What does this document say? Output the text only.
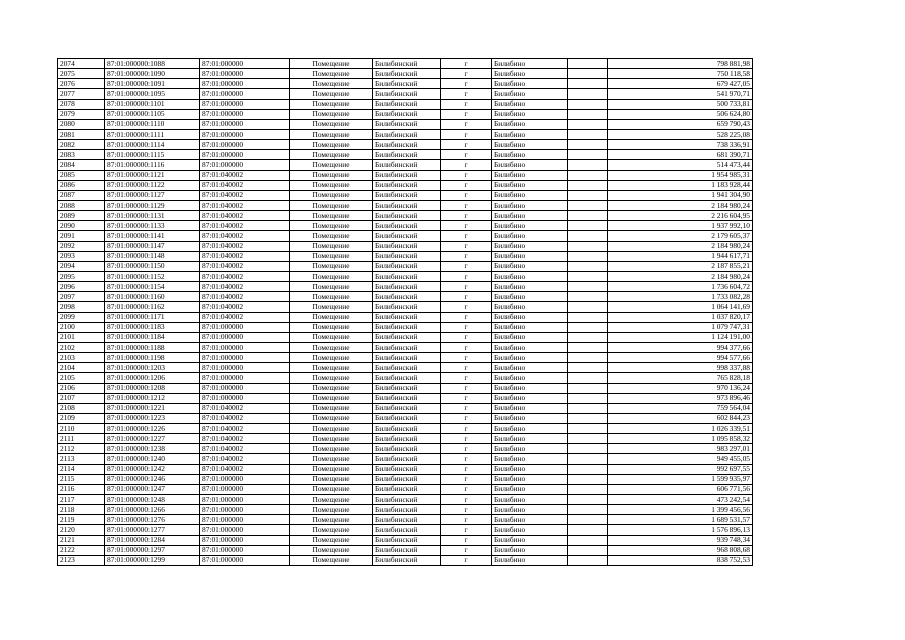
2074	87:01:000000:1088	87:01:000000	Помещение	Билибинский	г	Билибино		798 881,98
2075	87:01:000000:1090	87:01:000000	Помещение	Билибинский	г	Билибино		750 118,58
2076	87:01:000000:1091	87:01:000000	Помещение	Билибинский	г	Билибино		679 427,05
2077	87:01:000000:1095	87:01:000000	Помещение	Билибинский	г	Билибино		541 970,71
2078	87:01:000000:1101	87:01:000000	Помещение	Билибинский	г	Билибино		500 733,81
2079	87:01:000000:1105	87:01:000000	Помещение	Билибинский	г	Билибино		506 624,80
2080	87:01:000000:1110	87:01:000000	Помещение	Билибинский	г	Билибино		659 790,43
2081	87:01:000000:1111	87:01:000000	Помещение	Билибинский	г	Билибино		528 225,08
2082	87:01:000000:1114	87:01:000000	Помещение	Билибинский	г	Билибино		738 336,91
2083	87:01:000000:1115	87:01:000000	Помещение	Билибинский	г	Билибино		681 390,71
2084	87:01:000000:1116	87:01:000000	Помещение	Билибинский	г	Билибино		514 473,44
2085	87:01:000000:1121	87:01:040002	Помещение	Билибинский	г	Билибино		1 954 985,31
2086	87:01:000000:1122	87:01:040002	Помещение	Билибинский	г	Билибино		1 183 928,44
2087	87:01:000000:1127	87:01:040002	Помещение	Билибинский	г	Билибино		1 941 304,90
2088	87:01:000000:1129	87:01:040002	Помещение	Билибинский	г	Билибино		2 184 980,24
2089	87:01:000000:1131	87:01:040002	Помещение	Билибинский	г	Билибино		2 216 604,95
2090	87:01:000000:1133	87:01:040002	Помещение	Билибинский	г	Билибино		1 937 992,10
2091	87:01:000000:1141	87:01:040002	Помещение	Билибинский	г	Билибино		2 179 605,37
2092	87:01:000000:1147	87:01:040002	Помещение	Билибинский	г	Билибино		2 184 980,24
2093	87:01:000000:1148	87:01:040002	Помещение	Билибинский	г	Билибино		1 944 617,71
2094	87:01:000000:1150	87:01:040002	Помещение	Билибинский	г	Билибино		2 187 855,21
2095	87:01:000000:1152	87:01:040002	Помещение	Билибинский	г	Билибино		2 184 980,24
2096	87:01:000000:1154	87:01:040002	Помещение	Билибинский	г	Билибино		1 736 604,72
2097	87:01:000000:1160	87:01:040002	Помещение	Билибинский	г	Билибино		1 733 082,28
2098	87:01:000000:1162	87:01:040002	Помещение	Билибинский	г	Билибино		1 064 141,69
2099	87:01:000000:1171	87:01:040002	Помещение	Билибинский	г	Билибино		1 037 820,17
2100	87:01:000000:1183	87:01:000000	Помещение	Билибинский	г	Билибино		1 079 747,31
2101	87:01:000000:1184	87:01:000000	Помещение	Билибинский	г	Билибино		1 124 191,00
2102	87:01:000000:1188	87:01:000000	Помещение	Билибинский	г	Билибино		994 377,66
2103	87:01:000000:1198	87:01:000000	Помещение	Билибинский	г	Билибино		994 577,66
2104	87:01:000000:1203	87:01:000000	Помещение	Билибинский	г	Билибино		998 337,88
2105	87:01:000000:1206	87:01:000000	Помещение	Билибинский	г	Билибино		765 828,18
2106	87:01:000000:1208	87:01:000000	Помещение	Билибинский	г	Билибино		970 136,24
2107	87:01:000000:1212	87:01:000000	Помещение	Билибинский	г	Билибино		973 896,46
2108	87:01:000000:1221	87:01:040002	Помещение	Билибинский	г	Билибино		759 564,04
2109	87:01:000000:1223	87:01:040002	Помещение	Билибинский	г	Билибино		602 844,23
2110	87:01:000000:1226	87:01:040002	Помещение	Билибинский	г	Билибино		1 026 339,51
2111	87:01:000000:1227	87:01:040002	Помещение	Билибинский	г	Билибино		1 095 858,32
2112	87:01:000000:1238	87:01:040002	Помещение	Билибинский	г	Билибино		983 297,01
2113	87:01:000000:1240	87:01:040002	Помещение	Билибинский	г	Билибино		949 455,05
2114	87:01:000000:1242	87:01:040002	Помещение	Билибинский	г	Билибино		992 697,55
2115	87:01:000000:1246	87:01:000000	Помещение	Билибинский	г	Билибино		1 599 935,97
2116	87:01:000000:1247	87:01:000000	Помещение	Билибинский	г	Билибино		606 771,56
2117	87:01:000000:1248	87:01:000000	Помещение	Билибинский	г	Билибино		473 242,54
2118	87:01:000000:1266	87:01:000000	Помещение	Билибинский	г	Билибино		1 399 456,56
2119	87:01:000000:1276	87:01:000000	Помещение	Билибинский	г	Билибино		1 689 531,57
2120	87:01:000000:1277	87:01:000000	Помещение	Билибинский	г	Билибино		1 576 896,13
2121	87:01:000000:1284	87:01:000000	Помещение	Билибинский	г	Билибино		939 748,34
2122	87:01:000000:1297	87:01:000000	Помещение	Билибинский	г	Билибино		968 808,68
2123	87:01:000000:1299	87:01:000000	Помещение	Билибинский	г	Билибино		838 752,53
